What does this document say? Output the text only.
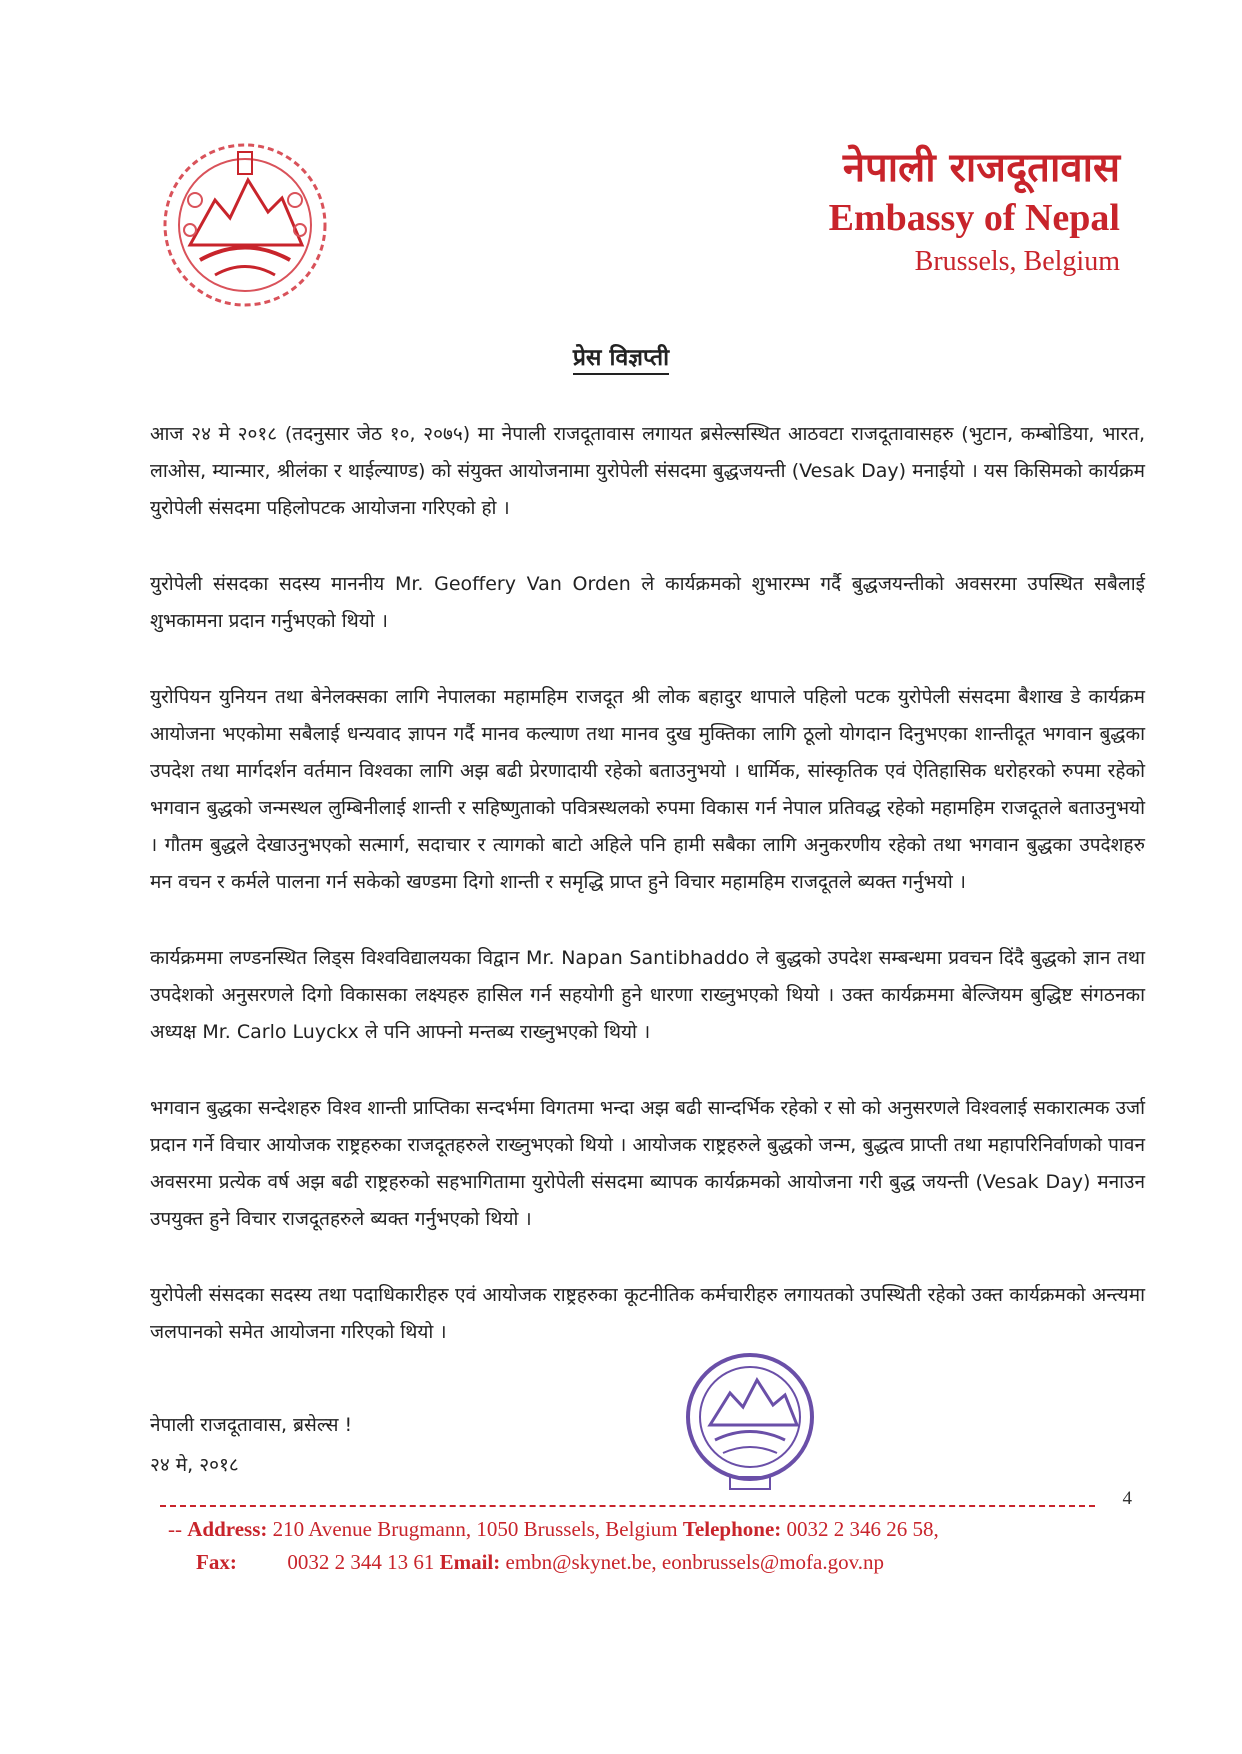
नेपाली राजदूतावास
Embassy of Nepal
Brussels, Belgium
प्रेस विज्ञप्ती

आज २४ मे २०१८ (तदनुसार जेठ १०, २०७५) मा नेपाली राजदूतावास लगायत ब्रसेल्सस्थित आठवटा राजदूतावासहरु (भुटान, कम्बोडिया, भारत, लाओस, म्यान्मार, श्रीलंका र थाईल्याण्ड) को संयुक्त आयोजनामा युरोपेली संसदमा बुद्धजयन्ती (Vesak Day) मनाईयो । यस किसिमको कार्यक्रम युरोपेली संसदमा पहिलोपटक आयोजना गरिएको हो ।

युरोपेली संसदका सदस्य माननीय Mr. Geoffery Van Orden ले कार्यक्रमको शुभारम्भ गर्दै बुद्धजयन्तीको अवसरमा उपस्थित सबैलाई शुभकामना प्रदान गर्नुभएको थियो ।

युरोपियन युनियन तथा बेनेलक्सका लागि नेपालका महामहिम राजदूत श्री लोक बहादुर थापाले पहिलो पटक युरोपेली संसदमा बैशाख डे कार्यक्रम आयोजना भएकोमा सबैलाई धन्यवाद ज्ञापन गर्दै मानव कल्याण तथा मानव दुख मुक्तिका लागि ठूलो योगदान दिनुभएका शान्तीदूत भगवान बुद्धका उपदेश तथा मार्गदर्शन वर्तमान विश्वका लागि अझ बढी प्रेरणादायी रहेको बताउनुभयो । धार्मिक, सांस्कृतिक एवं ऐतिहासिक धरोहरको रुपमा रहेको भगवान बुद्धको जन्मस्थल लुम्बिनीलाई शान्ती र सहिष्णुताको पवित्रस्थलको रुपमा विकास गर्न नेपाल प्रतिवद्ध रहेको महामहिम राजदूतले बताउनुभयो । गौतम बुद्धले देखाउनुभएको सत्मार्ग, सदाचार र त्यागको बाटो अहिले पनि हामी सबैका लागि अनुकरणीय रहेको तथा भगवान बुद्धका उपदेशहरु मन वचन र कर्मले पालना गर्न सकेको खण्डमा दिगो शान्ती र समृद्धि प्राप्त हुने विचार महामहिम राजदूतले ब्यक्त गर्नुभयो ।

कार्यक्रममा लण्डनस्थित लिड्स विश्वविद्यालयका विद्वान Mr. Napan Santibhaddo ले बुद्धको उपदेश सम्बन्धमा प्रवचन दिंदै बुद्धको ज्ञान तथा उपदेशको अनुसरणले दिगो विकासका लक्ष्यहरु हासिल गर्न सहयोगी हुने धारणा राख्नुभएको थियो । उक्त कार्यक्रममा बेल्जियम बुद्धिष्ट संगठनका अध्यक्ष Mr. Carlo Luyckx ले पनि आफ्नो मन्तब्य राख्नुभएको थियो ।

भगवान बुद्धका सन्देशहरु विश्व शान्ती प्राप्तिका सन्दर्भमा विगतमा भन्दा अझ बढी सान्दर्भिक रहेको र सो को अनुसरणले विश्वलाई सकारात्मक उर्जा प्रदान गर्ने विचार आयोजक राष्ट्रहरुका राजदूतहरुले राख्नुभएको थियो । आयोजक राष्ट्रहरुले बुद्धको जन्म, बुद्धत्व प्राप्ती तथा महापरिनिर्वाणको पावन अवसरमा प्रत्येक वर्ष अझ बढी राष्ट्रहरुको सहभागितामा युरोपेली संसदमा ब्यापक कार्यक्रमको आयोजना गरी बुद्ध जयन्ती (Vesak Day) मनाउन उपयुक्त हुने विचार राजदूतहरुले ब्यक्त गर्नुभएको थियो ।

युरोपेली संसदका सदस्य तथा पदाधिकारीहरु एवं आयोजक राष्ट्रहरुका कूटनीतिक कर्मचारीहरु लगायतको उपस्थिती रहेको उक्त कार्यक्रमको अन्त्यमा जलपानको समेत आयोजना गरिएको थियो ।

नेपाली राजदूतावास, ब्रसेल्स !
२४ मे, २०१८
4
-- Address: 210 Avenue Brugmann, 1050 Brussels, Belgium Telephone: 0032 2 346 26 58,
Fax: 0032 2 344 13 61 Email: embn@skynet.be, eonbrussels@mofa.gov.np
